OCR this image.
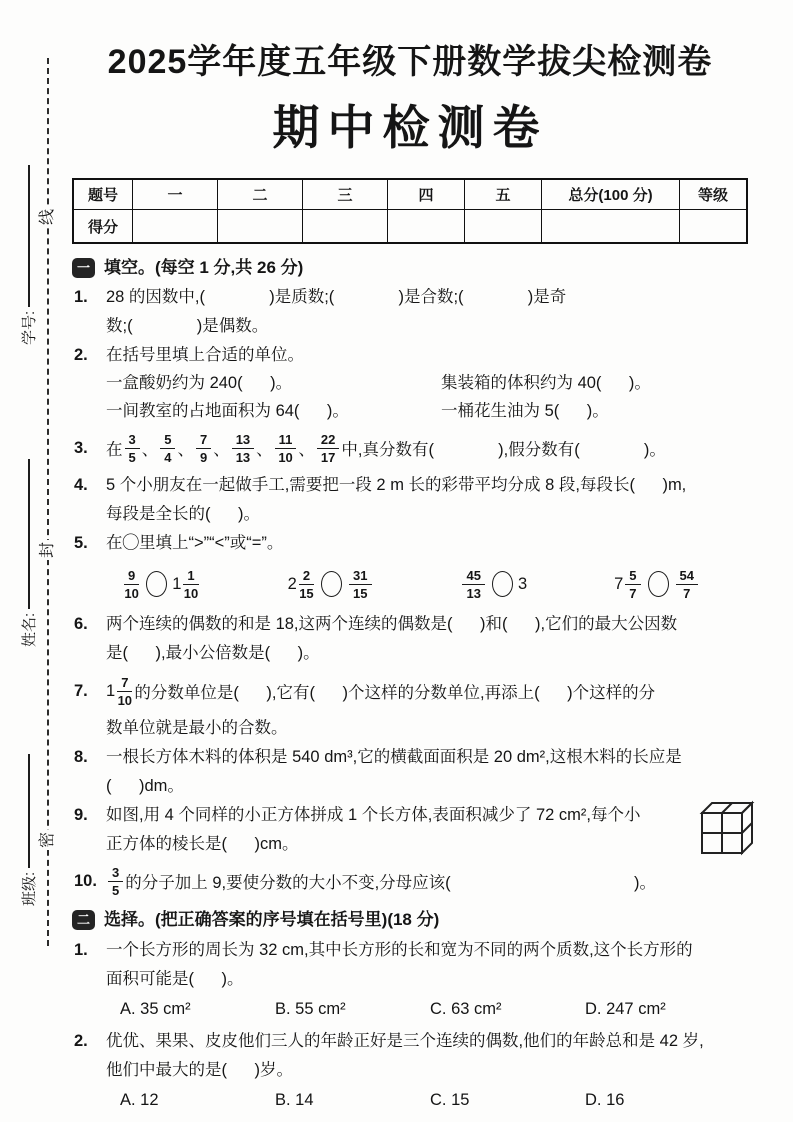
线
封
密
学号:
姓名:
班级:
2025学年度五年级下册数学拔尖检测卷
期中检测卷
题号	一	二	三	四	五	总分(100 分)	等级
得分							
一 填空。(每空 1 分,共 26 分)
1. 28 的因数中,(              )是质数;(              )是合数;(              )是奇
数;(              )是偶数。
2. 在括号里填上合适的单位。
一盒酸奶约为 240(      )。	集装箱的体积约为 40(      )。
一间教室的占地面积为 64(      )。	一桶花生油为 5(      )。
3.	在 $\frac{3}{5}$ 、 $\frac{5}{4}$ 、 $\frac{7}{9}$ 、 $\frac{13}{13}$ 、 $\frac{11}{10}$ 、 $\frac{22}{17}$ 中,真分数有(              ),假分数有(              )。
4. 5 个小朋友在一起做手工,需要把一段 2 m 长的彩带平均分成 8 段,每段长(      )m,
每段是全长的(      )。
5. 在◯里填上“>”“<”或“=”。
$\frac{9}{10} 1 \frac{1}{10}$	$2 \frac{2}{15}$	$\frac{31}{15}$	$\frac{45}{13} 3$	$7 \frac{5}{7}$	$\frac{54}{7}$
6. 两个连续的偶数的和是 18,这两个连续的偶数是(      )和(      ),它们的最大公因数
是(      ),最小公倍数是(      )。
7.	$1 \frac{7}{10}$ 的分数单位是(      ),它有(      )个这样的分数单位,再添上(      )个这样的分
数单位就是最小的合数。
8. 一根长方体木料的体积是 540 dm³,它的横截面面积是 20 dm²,这根木料的长应是
(      )dm。
9. 如图,用 4 个同样的小正方体拼成 1 个长方体,表面积减少了 72 cm²,每个小
正方体的棱长是(      )cm。
10. $\frac{3}{5}$ 的分子加上 9,要使分数的大小不变,分母应该(                                        )。
二 选择。(把正确答案的序号填在括号里)(18 分)
1. 一个长方形的周长为 32 cm,其中长方形的长和宽为不同的两个质数,这个长方形的
面积可能是(      )。
A. 35 cm²	B. 55 cm²	C. 63 cm²	D. 247 cm²
2. 优优、果果、皮皮他们三人的年龄正好是三个连续的偶数,他们的年龄总和是 42 岁,
他们中最大的是(      )岁。
A. 12	B. 14	C. 15	D. 16
